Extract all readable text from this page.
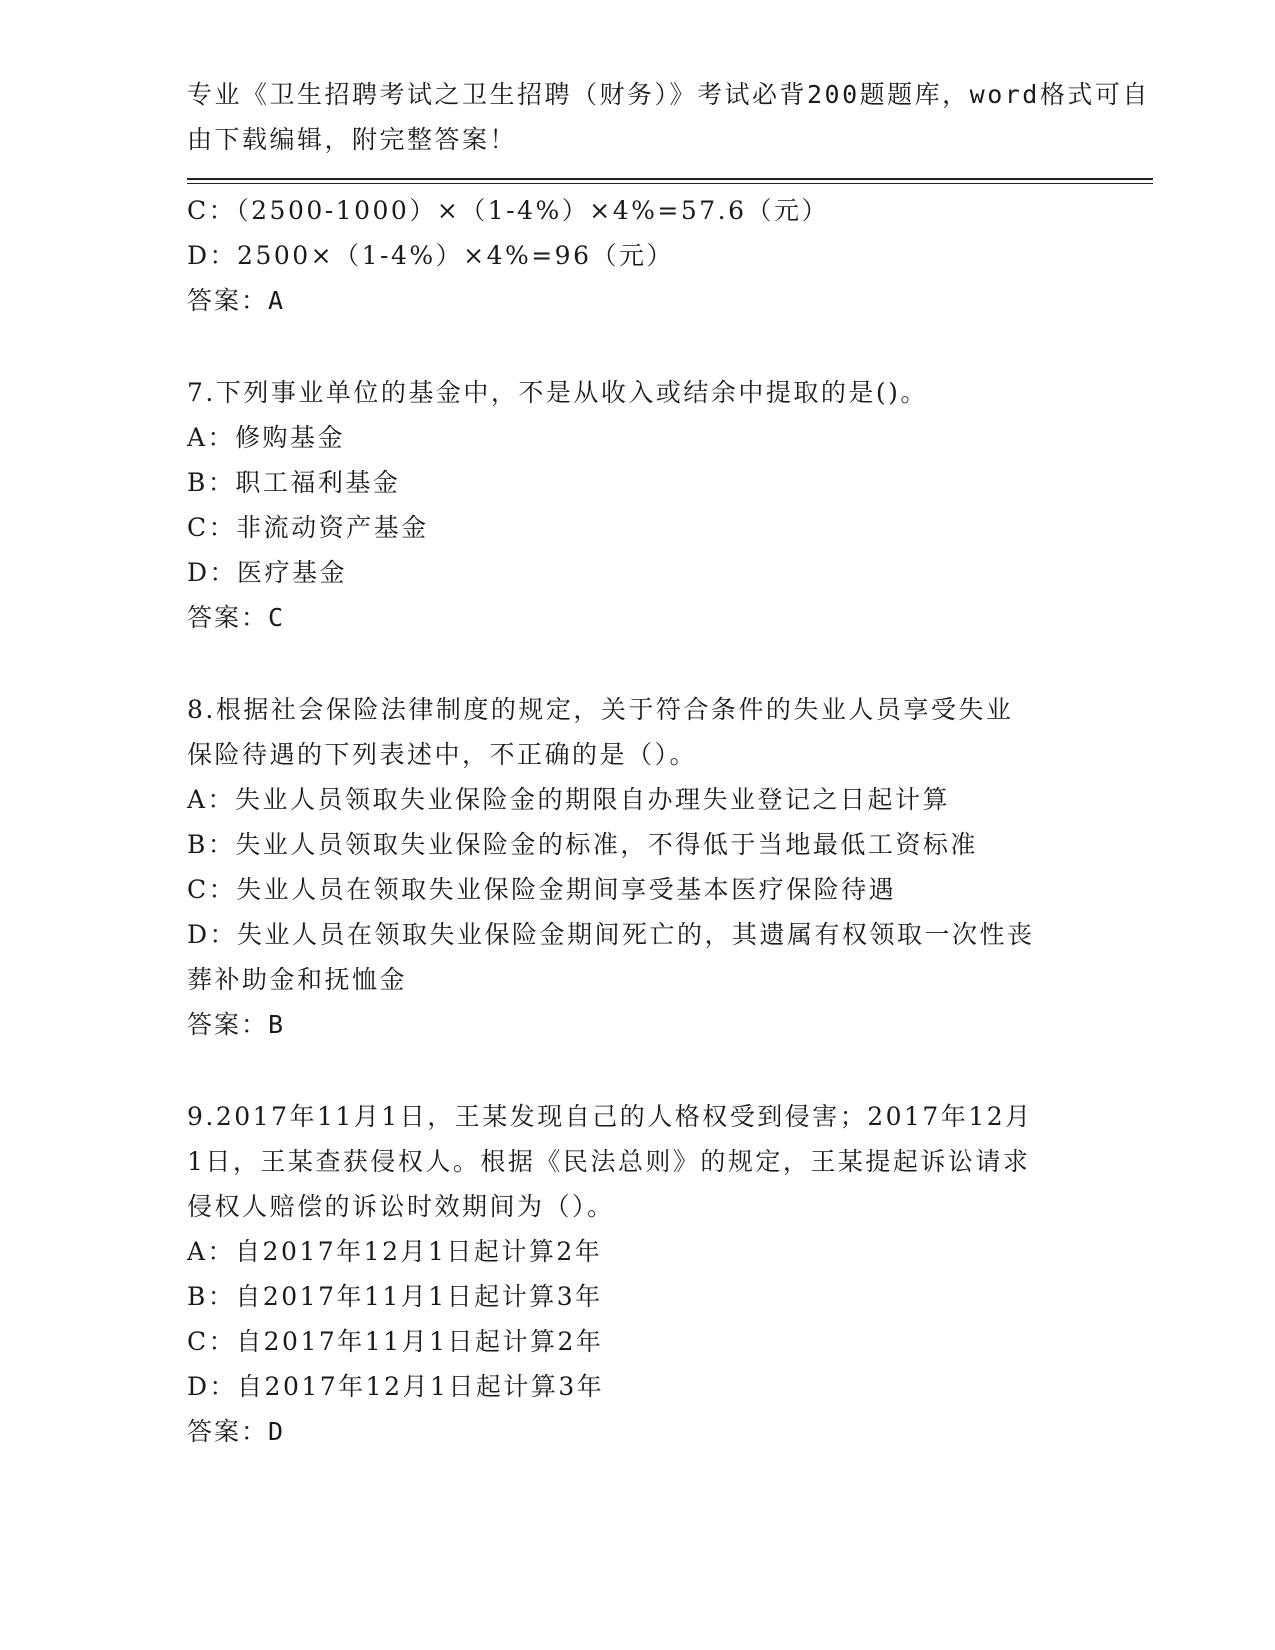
专业《卫生招聘考试之卫生招聘（财务）》考试必背200题题库，word格式可自
由下载编辑，附完整答案！
C：（2500-1000）×（1-4%）×4%=57.6（元）
D：2500×（1-4%）×4%=96（元）
答案：A
7.下列事业单位的基金中，不是从收入或结余中提取的是()。
A：修购基金
B：职工福利基金
C：非流动资产基金
D：医疗基金
答案：C
8.根据社会保险法律制度的规定，关于符合条件的失业人员享受失业
保险待遇的下列表述中，不正确的是（）。
A：失业人员领取失业保险金的期限自办理失业登记之日起计算
B：失业人员领取失业保险金的标准，不得低于当地最低工资标准
C：失业人员在领取失业保险金期间享受基本医疗保险待遇
D：失业人员在领取失业保险金期间死亡的，其遗属有权领取一次性丧
葬补助金和抚恤金
答案：B
9.2017年11月1日，王某发现自己的人格权受到侵害；2017年12月
1日，王某查获侵权人。根据《民法总则》的规定，王某提起诉讼请求
侵权人赔偿的诉讼时效期间为（）。
A：自2017年12月1日起计算2年
B：自2017年11月1日起计算3年
C：自2017年11月1日起计算2年
D：自2017年12月1日起计算3年
答案：D
